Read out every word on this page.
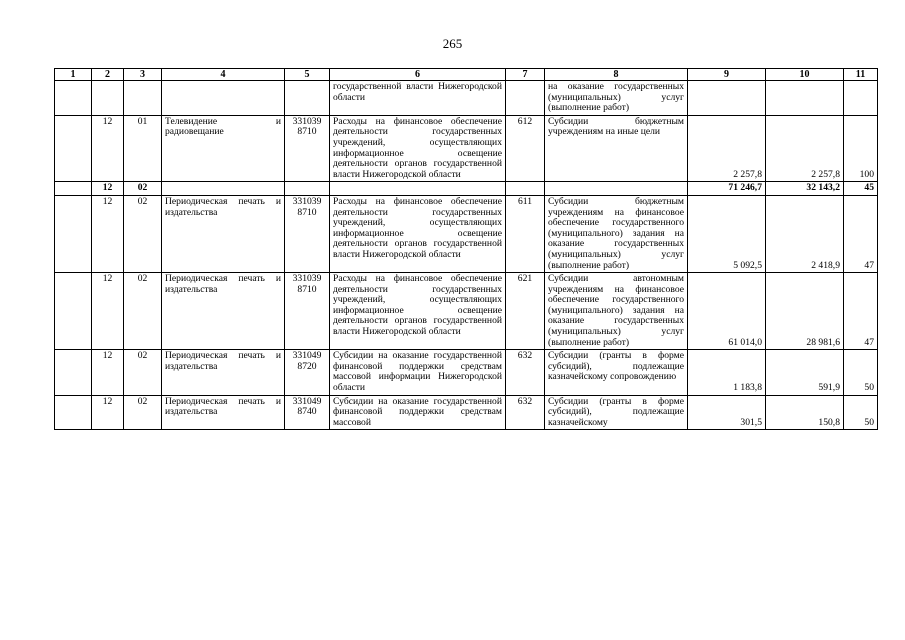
265
1	2	3	4	5	6	7	8	9	10	11
					государственной власти Нижегородской области		на оказание государственных (муниципальных) услуг (выполнение работ)			
	12	01	Телевидение и радиовещание	331039 8710	Расходы на финансовое обеспечение деятельности государственных учреждений, осуществляющих информационное освещение деятельности органов государственной власти Нижегородской области	612	Субсидии бюджетным учреждениям на иные цели	2 257,8	2 257,8	100
	12	02						71 246,7	32 143,2	45
	12	02	Периодическая печать и издательства	331039 8710	Расходы на финансовое обеспечение деятельности государственных учреждений, осуществляющих информационное освещение деятельности органов государственной власти Нижегородской области	611	Субсидии бюджетным учреждениям на финансовое обеспечение государственного (муниципального) задания на оказание государственных (муниципальных) услуг (выполнение работ)	5 092,5	2 418,9	47
	12	02	Периодическая печать и издательства	331039 8710	Расходы на финансовое обеспечение деятельности государственных учреждений, осуществляющих информационное освещение деятельности органов государственной власти Нижегородской области	621	Субсидии автономным учреждениям на финансовое обеспечение государственного (муниципального) задания на оказание государственных (муниципальных) услуг (выполнение работ)	61 014,0	28 981,6	47
	12	02	Периодическая печать и издательства	331049 8720	Субсидии на оказание государственной финансовой поддержки средствам массовой информации Нижегородской области	632	Субсидии (гранты в форме субсидий), подлежащие казначейскому сопровождению	1 183,8	591,9	50
	12	02	Периодическая печать и издательства	331049 8740	Субсидии на оказание государственной финансовой поддержки средствам массовой	632	Субсидии (гранты в форме субсидий), подлежащие казначейскому	301,5	150,8	50
